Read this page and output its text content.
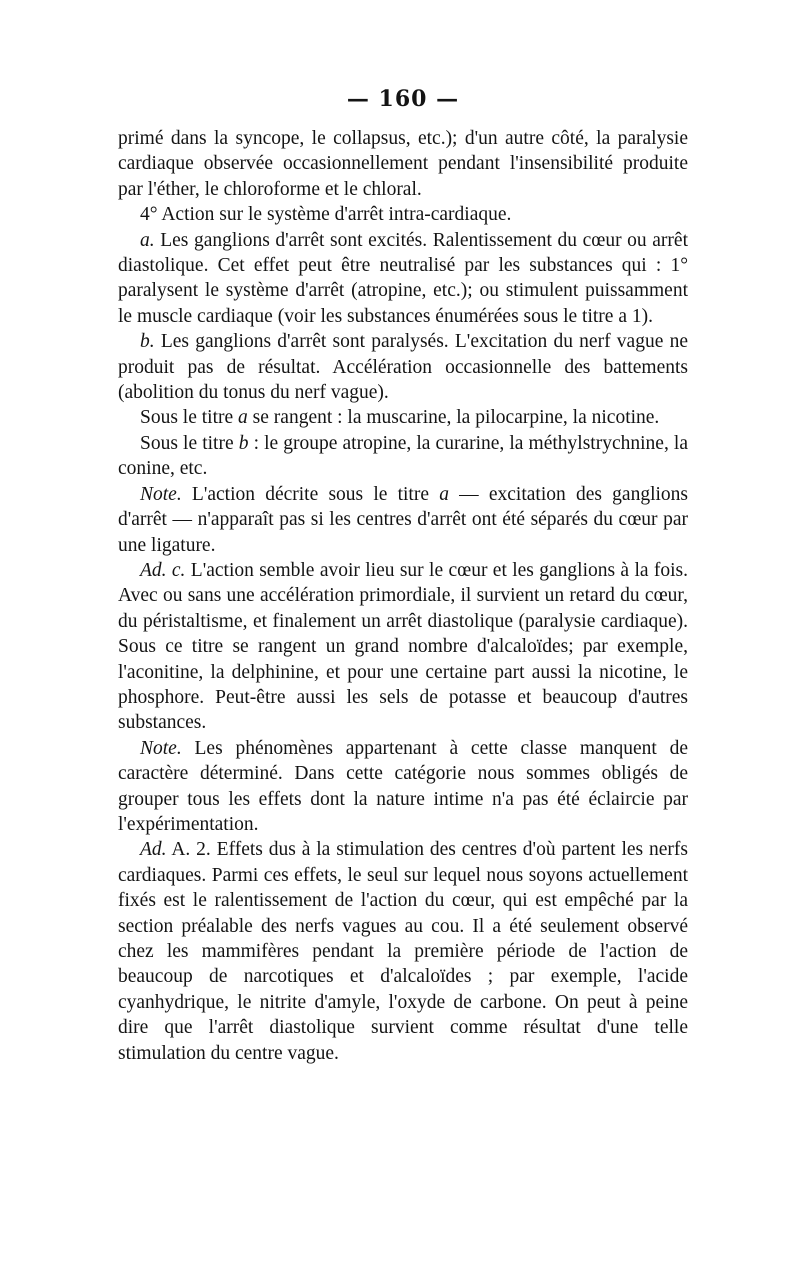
— 160 —

primé dans la syncope, le collapsus, etc.); d'un autre côté, la paralysie cardiaque observée occasionnellement pendant l'insensibilité produite par l'éther, le chloroforme et le chloral.

4° Action sur le système d'arrêt intra-cardiaque.

a. Les ganglions d'arrêt sont excités. Ralentissement du cœur ou arrêt diastolique. Cet effet peut être neutralisé par les substances qui : 1° paralysent le système d'arrêt (atropine, etc.); ou stimulent puissamment le muscle cardiaque (voir les substances énumérées sous le titre a 1).

b. Les ganglions d'arrêt sont paralysés. L'excitation du nerf vague ne produit pas de résultat. Accélération occasionnelle des battements (abolition du tonus du nerf vague).

Sous le titre a se rangent : la muscarine, la pilocarpine, la nicotine.

Sous le titre b : le groupe atropine, la curarine, la méthylstrychnine, la conine, etc.

Note. L'action décrite sous le titre a — excitation des ganglions d'arrêt — n'apparaît pas si les centres d'arrêt ont été séparés du cœur par une ligature.

Ad. c. L'action semble avoir lieu sur le cœur et les ganglions à la fois. Avec ou sans une accélération primordiale, il survient un retard du cœur, du péristaltisme, et finalement un arrêt diastolique (paralysie cardiaque). Sous ce titre se rangent un grand nombre d'alcaloïdes; par exemple, l'aconitine, la delphinine, et pour une certaine part aussi la nicotine, le phosphore. Peut-être aussi les sels de potasse et beaucoup d'autres substances.

Note. Les phénomènes appartenant à cette classe manquent de caractère déterminé. Dans cette catégorie nous sommes obligés de grouper tous les effets dont la nature intime n'a pas été éclaircie par l'expérimentation.

Ad. A. 2. Effets dus à la stimulation des centres d'où partent les nerfs cardiaques. Parmi ces effets, le seul sur lequel nous soyons actuellement fixés est le ralentissement de l'action du cœur, qui est empêché par la section préalable des nerfs vagues au cou. Il a été seulement observé chez les mammifères pendant la première période de l'action de beaucoup de narcotiques et d'alcaloïdes ; par exemple, l'acide cyanhydrique, le nitrite d'amyle, l'oxyde de carbone. On peut à peine dire que l'arrêt diastolique survient comme résultat d'une telle stimulation du centre vague.
